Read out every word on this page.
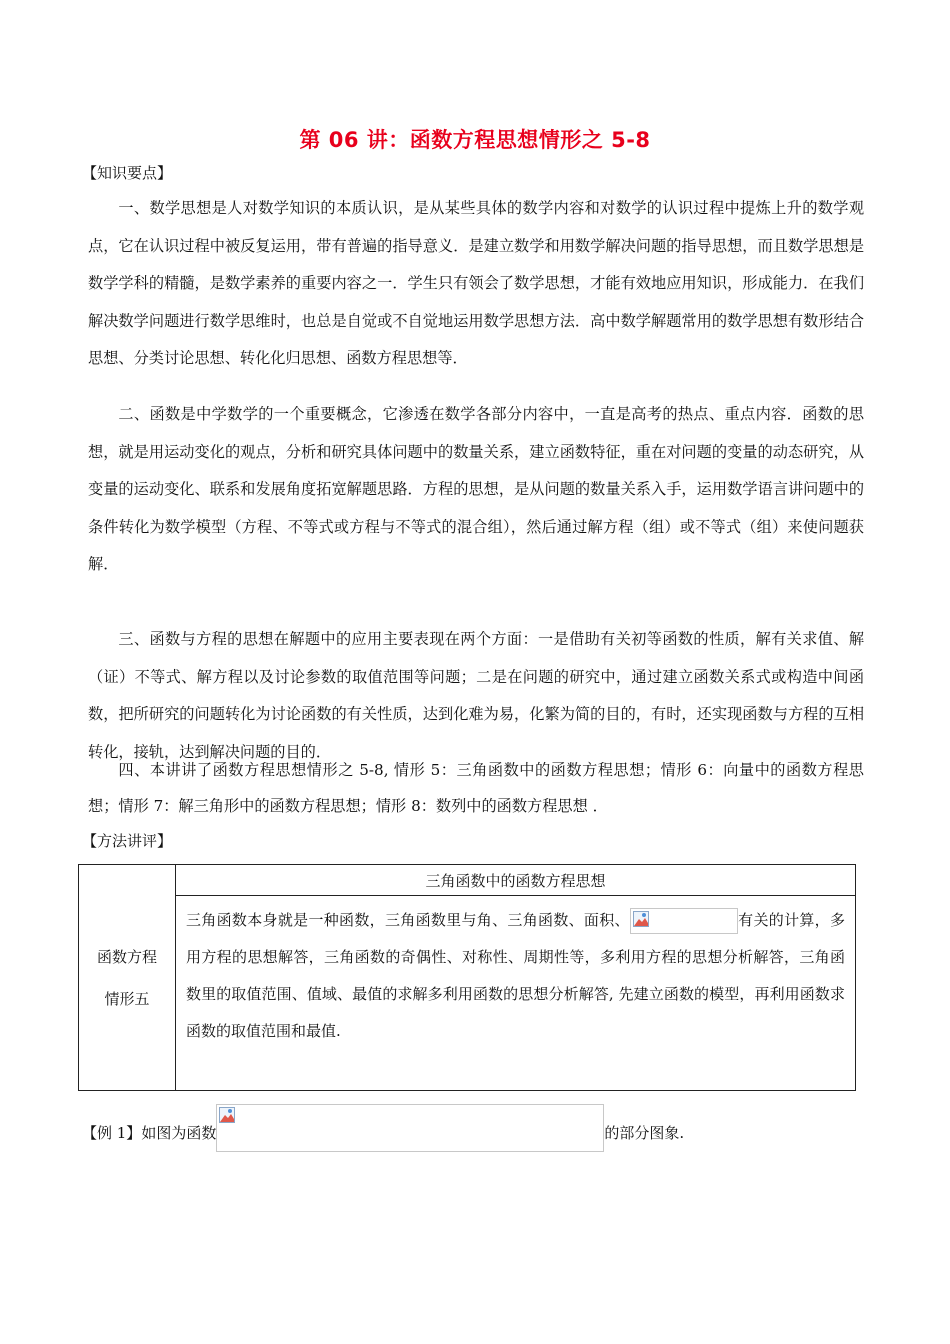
第 06 讲：函数方程思想情形之 5-8
【知识要点】

一、数学思想是人对数学知识的本质认识，是从某些具体的数学内容和对数学的认识过程中提炼上升的数学观点，它在认识过程中被反复运用，带有普遍的指导意义．是建立数学和用数学解决问题的指导思想，而且数学思想是数学学科的精髓，是数学素养的重要内容之一．学生只有领会了数学思想，才能有效地应用知识，形成能力．在我们解决数学问题进行数学思维时，也总是自觉或不自觉地运用数学思想方法．高中数学解题常用的数学思想有数形结合思想、分类讨论思想、转化化归思想、函数方程思想等．

二、函数是中学数学的一个重要概念，它渗透在数学各部分内容中，一直是高考的热点、重点内容．函数的思想，就是用运动变化的观点，分析和研究具体问题中的数量关系，建立函数特征，重在对问题的变量的动态研究，从变量的运动变化、联系和发展角度拓宽解题思路．方程的思想，是从问题的数量关系入手，运用数学语言讲问题中的条件转化为数学模型（方程、不等式或方程与不等式的混合组），然后通过解方程（组）或不等式（组）来使问题获解．

三、函数与方程的思想在解题中的应用主要表现在两个方面：一是借助有关初等函数的性质，解有关求值、解（证）不等式、解方程以及讨论参数的取值范围等问题；二是在问题的研究中，通过建立函数关系式或构造中间函数，把所研究的问题转化为讨论函数的有关性质，达到化难为易，化繁为简的目的，有时，还实现函数与方程的互相转化，接轨，达到解决问题的目的．

四、本讲讲了函数方程思想情形之 5-8, 情形 5：三角函数中的函数方程思想；情形 6：向量中的函数方程思想；情形 7：解三角形中的函数方程思想；情形 8：数列中的函数方程思想 ．

【方法讲评】
函数方程
情形五
	三角函数中的函数方程思想
三角函数本身就是一种函数，三角函数里与角、三角函数、面积、	有关的计算，多用方程的思想解答，三角函数的奇偶性、对称性、周期性等，多利用方程的思想分析解答，三角函数里的取值范围、值域、最值的求解多利用函数的思想分析解答, 先建立函数的模型，再利用函数求函数的取值范围和最值.
【例 1】如图为函数	的部分图象.
